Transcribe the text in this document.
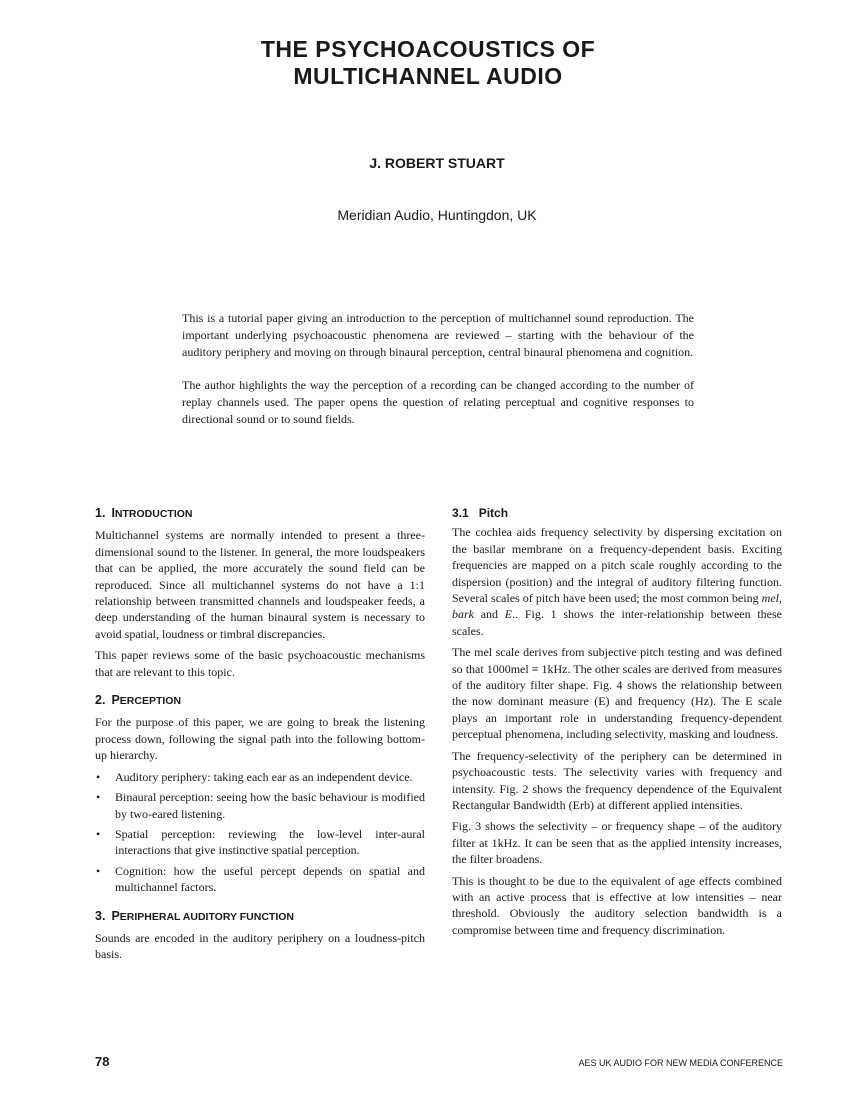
THE PSYCHOACOUSTICS OF
MULTICHANNEL AUDIO
J. ROBERT STUART
Meridian Audio, Huntingdon, UK

This is a tutorial paper giving an introduction to the perception of multichannel sound reproduction. The important underlying psychoacoustic phenomena are reviewed – starting with the behaviour of the auditory periphery and moving on through binaural perception, central binaural phenomena and cognition.

The author highlights the way the perception of a recording can be changed according to the number of replay channels used. The paper opens the question of relating perceptual and cognitive responses to directional sound or to sound fields.

1. INTRODUCTION

Multichannel systems are normally intended to present a three-dimensional sound to the listener. In general, the more loudspeakers that can be applied, the more accurately the sound field can be reproduced. Since all multichannel systems do not have a 1:1 relationship between transmitted channels and loudspeaker feeds, a deep understanding of the human binaural system is necessary to avoid spatial, loudness or timbral discrepancies.

This paper reviews some of the basic psychoacoustic mechanisms that are relevant to this topic.

2. PERCEPTION

For the purpose of this paper, we are going to break the listening process down, following the signal path into the following bottom-up hierarchy.

• Auditory periphery: taking each ear as an independent device.
• Binaural perception: seeing how the basic behaviour is modified by two-eared listening.
• Spatial perception: reviewing the low-level inter-aural interactions that give instinctive spatial perception.
• Cognition: how the useful percept depends on spatial and multichannel factors.
3. PERIPHERAL AUDITORY FUNCTION

Sounds are encoded in the auditory periphery on a loudness-pitch basis.

3.1 Pitch

The cochlea aids frequency selectivity by dispersing excitation on the basilar membrane on a frequency-dependent basis. Exciting frequencies are mapped on a pitch scale roughly according to the dispersion (position) and the integral of auditory filtering function. Several scales of pitch have been used; the most common being mel, bark and E.. Fig. 1 shows the inter-relationship between these scales.

The mel scale derives from subjective pitch testing and was defined so that 1000mel ≡ 1kHz. The other scales are derived from measures of the auditory filter shape. Fig. 4 shows the relationship between the now dominant measure (E) and frequency (Hz). The E scale plays an important role in understanding frequency-dependent perceptual phenomena, including selectivity, masking and loudness.

The frequency-selectivity of the periphery can be determined in psychoacoustic tests. The selectivity varies with frequency and intensity. Fig. 2 shows the frequency dependence of the Equivalent Rectangular Bandwidth (Erb) at different applied intensities.

Fig. 3 shows the selectivity – or frequency shape – of the auditory filter at 1kHz. It can be seen that as the applied intensity increases, the filter broadens.

This is thought to be due to the equivalent of age effects combined with an active process that is effective at low intensities – near threshold. Obviously the auditory selection bandwidth is a compromise between time and frequency discrimination.

78	AES UK AUDIO FOR NEW MEDIA CONFERENCE
